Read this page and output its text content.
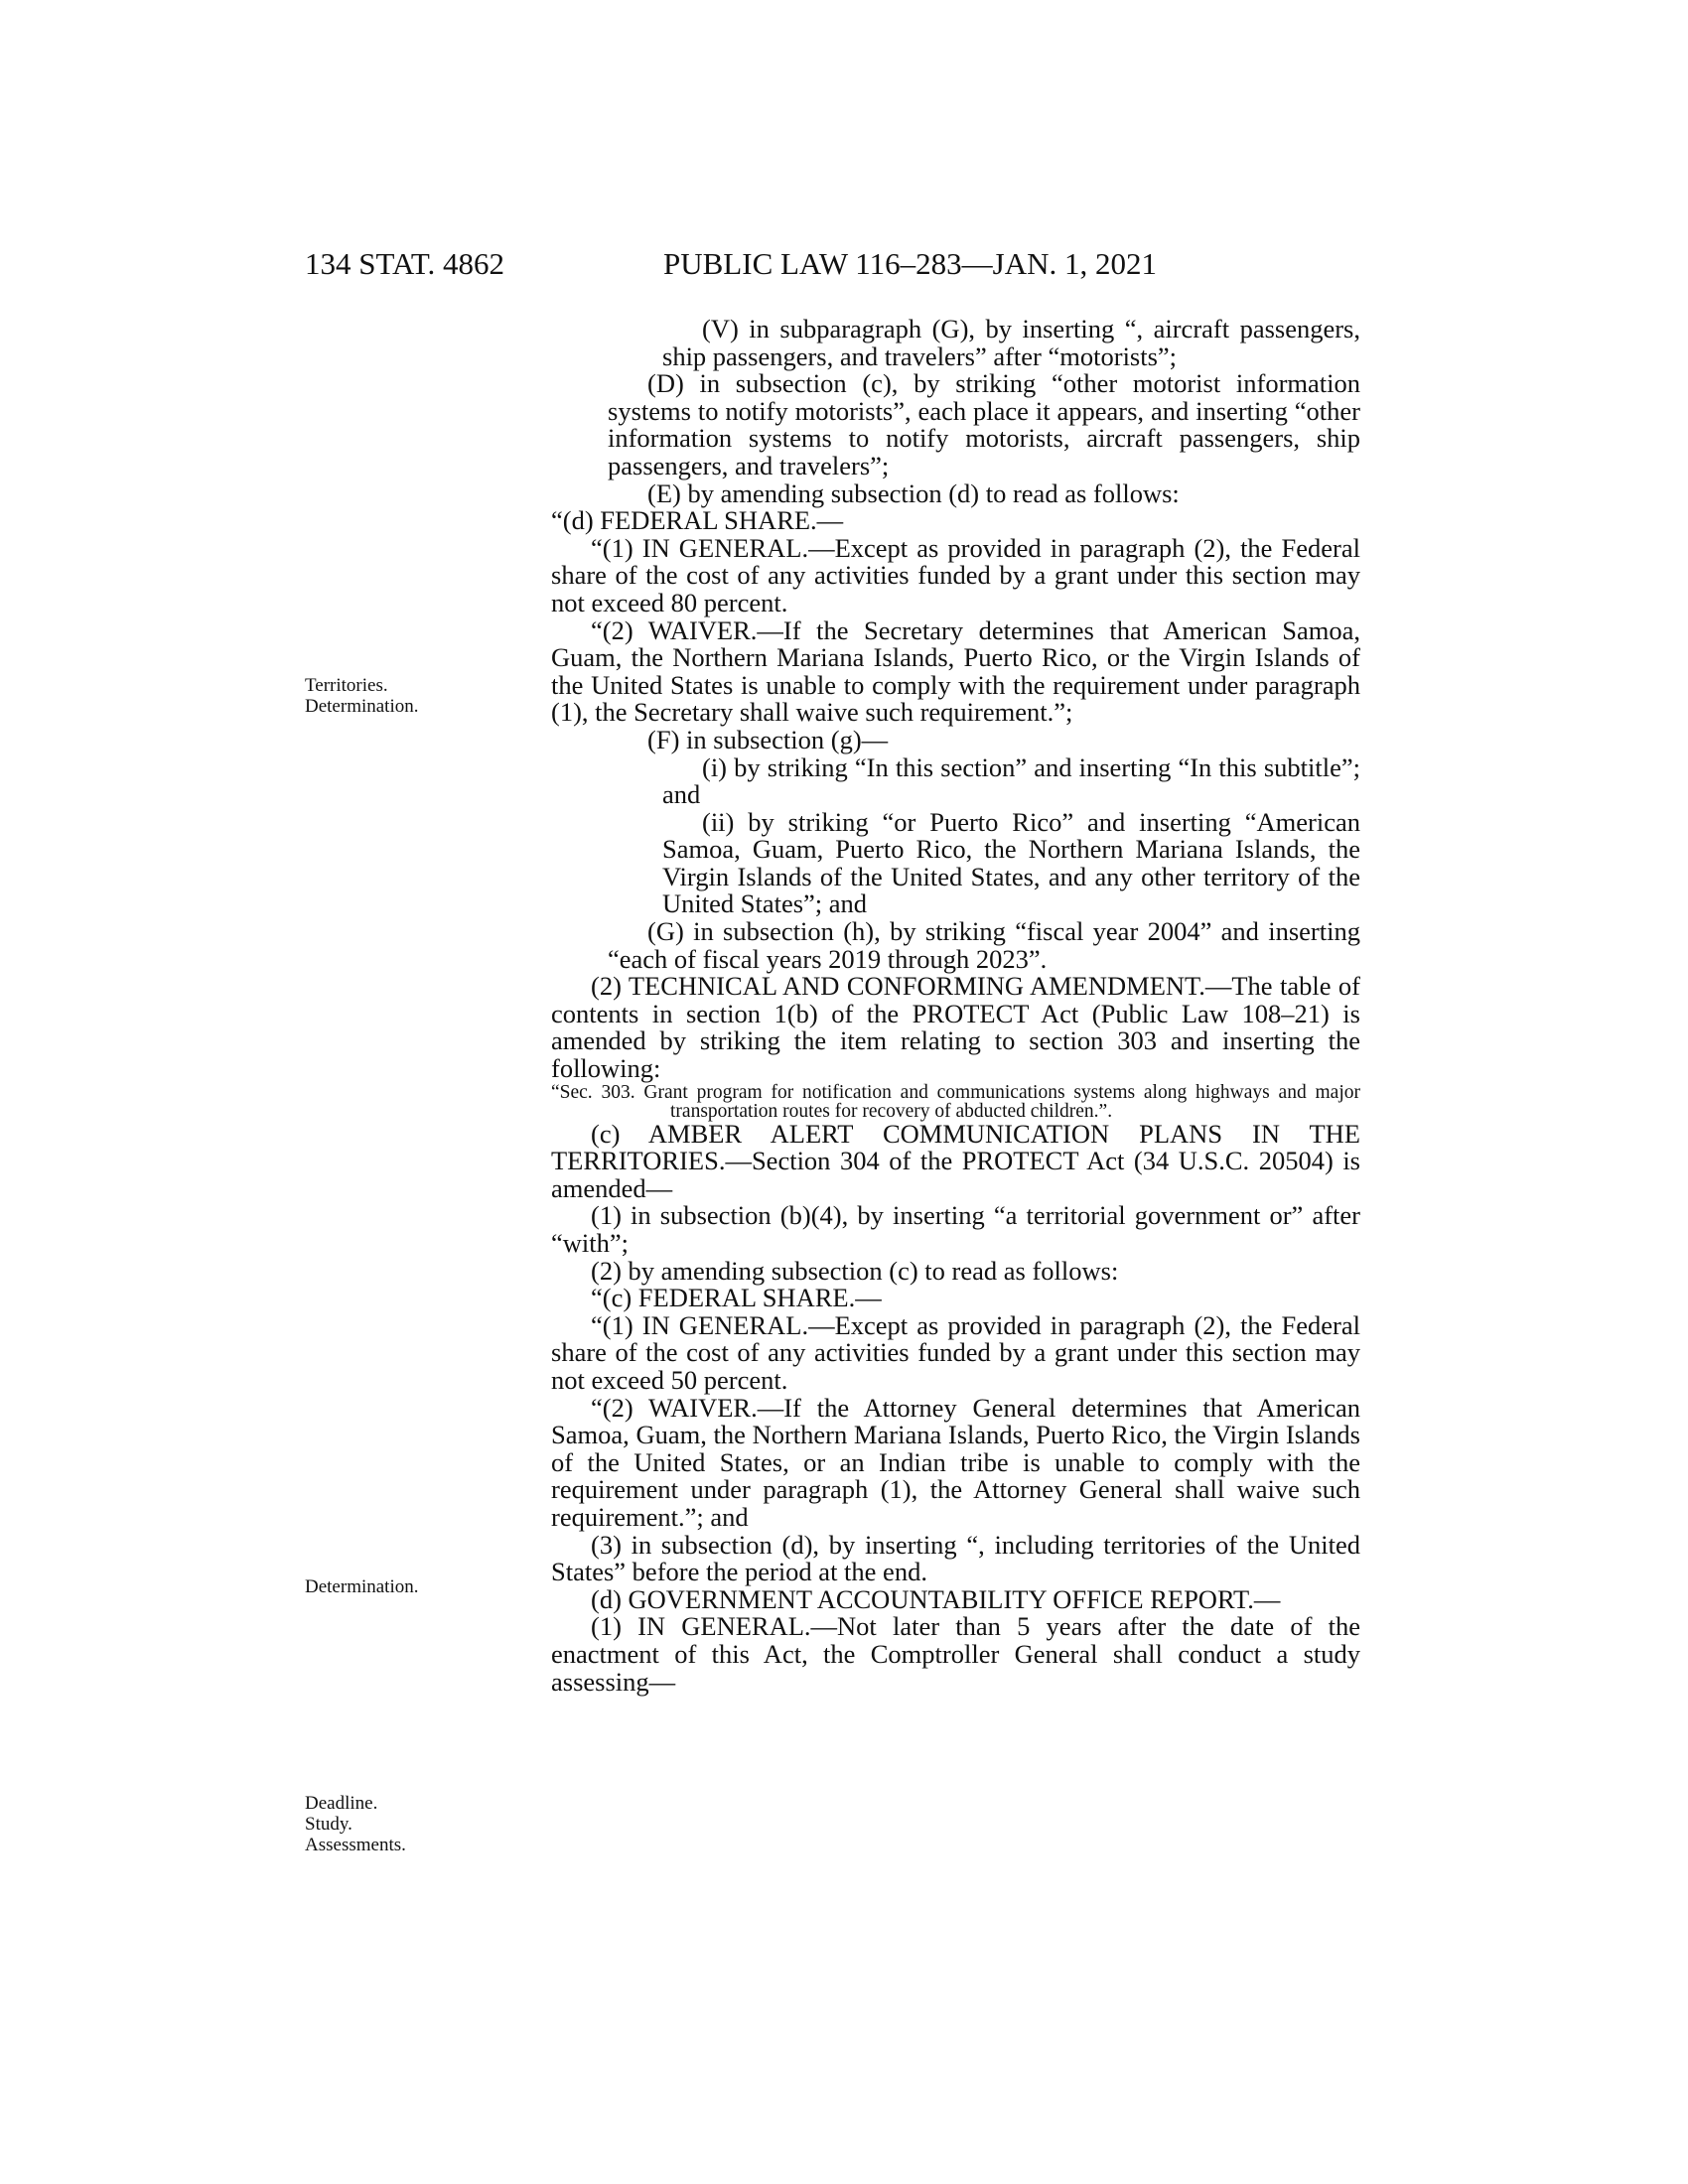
134 STAT. 4862	PUBLIC LAW 116–283—JAN. 1, 2021
Territories.
Determination.
Determination.
Deadline.
Study.
Assessments.

(V) in subparagraph (G), by inserting “, aircraft passengers, ship passengers, and travelers” after “motorists”;

(D) in subsection (c), by striking “other motorist information systems to notify motorists”, each place it appears, and inserting “other information systems to notify motorists, aircraft passengers, ship passengers, and travelers”;

(E) by amending subsection (d) to read as follows:

“(d) FEDERAL SHARE.—

“(1) IN GENERAL.—Except as provided in paragraph (2), the Federal share of the cost of any activities funded by a grant under this section may not exceed 80 percent.

“(2) WAIVER.—If the Secretary determines that American Samoa, Guam, the Northern Mariana Islands, Puerto Rico, or the Virgin Islands of the United States is unable to comply with the requirement under paragraph (1), the Secretary shall waive such requirement.”;

(F) in subsection (g)—

(i) by striking “In this section” and inserting “In this subtitle”; and

(ii) by striking “or Puerto Rico” and inserting “American Samoa, Guam, Puerto Rico, the Northern Mariana Islands, the Virgin Islands of the United States, and any other territory of the United States”; and

(G) in subsection (h), by striking “fiscal year 2004” and inserting “each of fiscal years 2019 through 2023”.

(2) TECHNICAL AND CONFORMING AMENDMENT.—The table of contents in section 1(b) of the PROTECT Act (Public Law 108–21) is amended by striking the item relating to section 303 and inserting the following:

“Sec. 303. Grant program for notification and communications systems along highways and major transportation routes for recovery of abducted children.”.

(c) AMBER ALERT COMMUNICATION PLANS IN THE TERRITORIES.—Section 304 of the PROTECT Act (34 U.S.C. 20504) is amended—

(1) in subsection (b)(4), by inserting “a territorial government or” after “with”;

(2) by amending subsection (c) to read as follows:

“(c) FEDERAL SHARE.—

“(1) IN GENERAL.—Except as provided in paragraph (2), the Federal share of the cost of any activities funded by a grant under this section may not exceed 50 percent.

“(2) WAIVER.—If the Attorney General determines that American Samoa, Guam, the Northern Mariana Islands, Puerto Rico, the Virgin Islands of the United States, or an Indian tribe is unable to comply with the requirement under paragraph (1), the Attorney General shall waive such requirement.”; and

(3) in subsection (d), by inserting “, including territories of the United States” before the period at the end.

(d) GOVERNMENT ACCOUNTABILITY OFFICE REPORT.—

(1) IN GENERAL.—Not later than 5 years after the date of the enactment of this Act, the Comptroller General shall conduct a study assessing—
